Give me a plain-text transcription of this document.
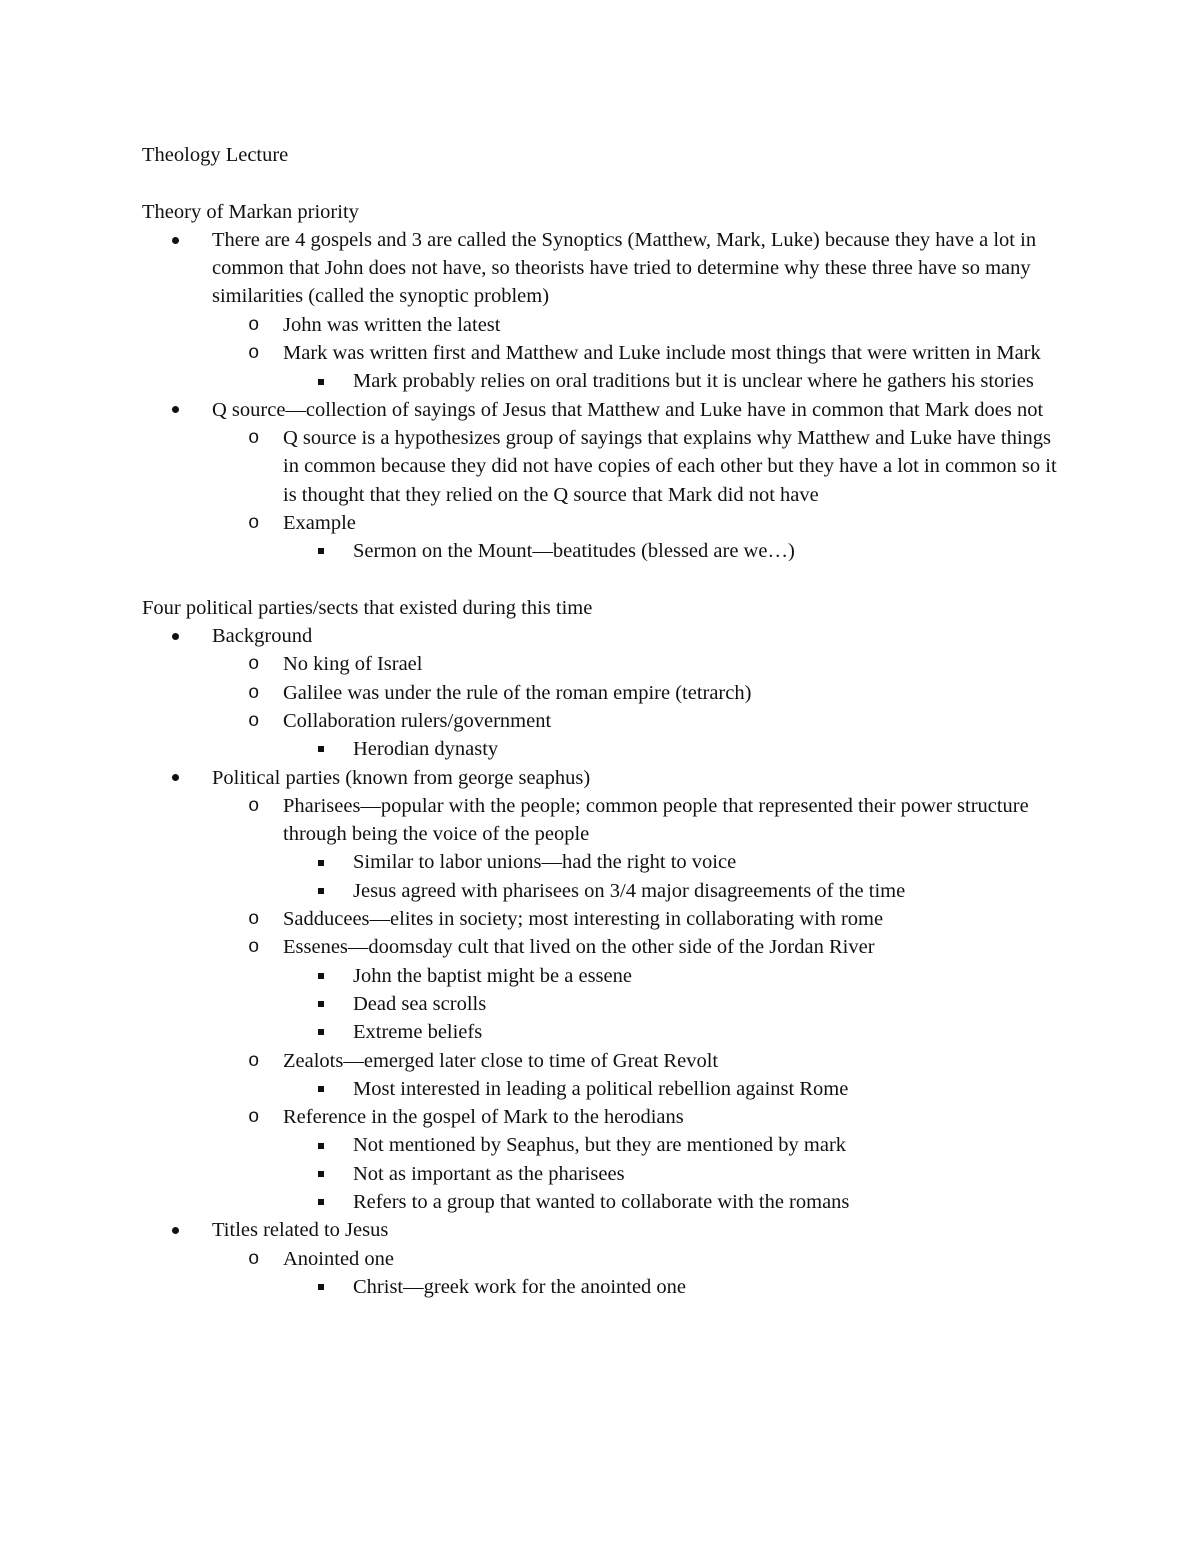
Theology Lecture

Theory of Markan priority

There are 4 gospels and 3 are called the Synoptics (Matthew, Mark, Luke) because they have a lot in common that John does not have, so theorists have tried to determine why these three have so many similarities (called the synoptic problem)
o John was written the latest
o Mark was written first and Matthew and Luke include most things that were written in Mark
Mark probably relies on oral traditions but it is unclear where he gathers his stories
Q source—collection of sayings of Jesus that Matthew and Luke have in common that Mark does not
o Q source is a hypothesizes group of sayings that explains why Matthew and Luke have things in common because they did not have copies of each other but they have a lot in common so it is thought that they relied on the Q source that Mark did not have
o Example
Sermon on the Mount—beatitudes (blessed are we…)

Four political parties/sects that existed during this time

Background
o No king of Israel
o Galilee was under the rule of the roman empire (tetrarch)
o Collaboration rulers/government
Herodian dynasty
Political parties (known from george seaphus)
o Pharisees—popular with the people; common people that represented their power structure through being the voice of the people
Similar to labor unions—had the right to voice
Jesus agreed with pharisees on 3/4 major disagreements of the time
o Sadducees—elites in society; most interesting in collaborating with rome
o Essenes—doomsday cult that lived on the other side of the Jordan River
John the baptist might be a essene
Dead sea scrolls
Extreme beliefs
o Zealots—emerged later close to time of Great Revolt
Most interested in leading a political rebellion against Rome
o Reference in the gospel of Mark to the herodians
Not mentioned by Seaphus, but they are mentioned by mark
Not as important as the pharisees
Refers to a group that wanted to collaborate with the romans
Titles related to Jesus
o Anointed one
Christ—greek work for the anointed one
